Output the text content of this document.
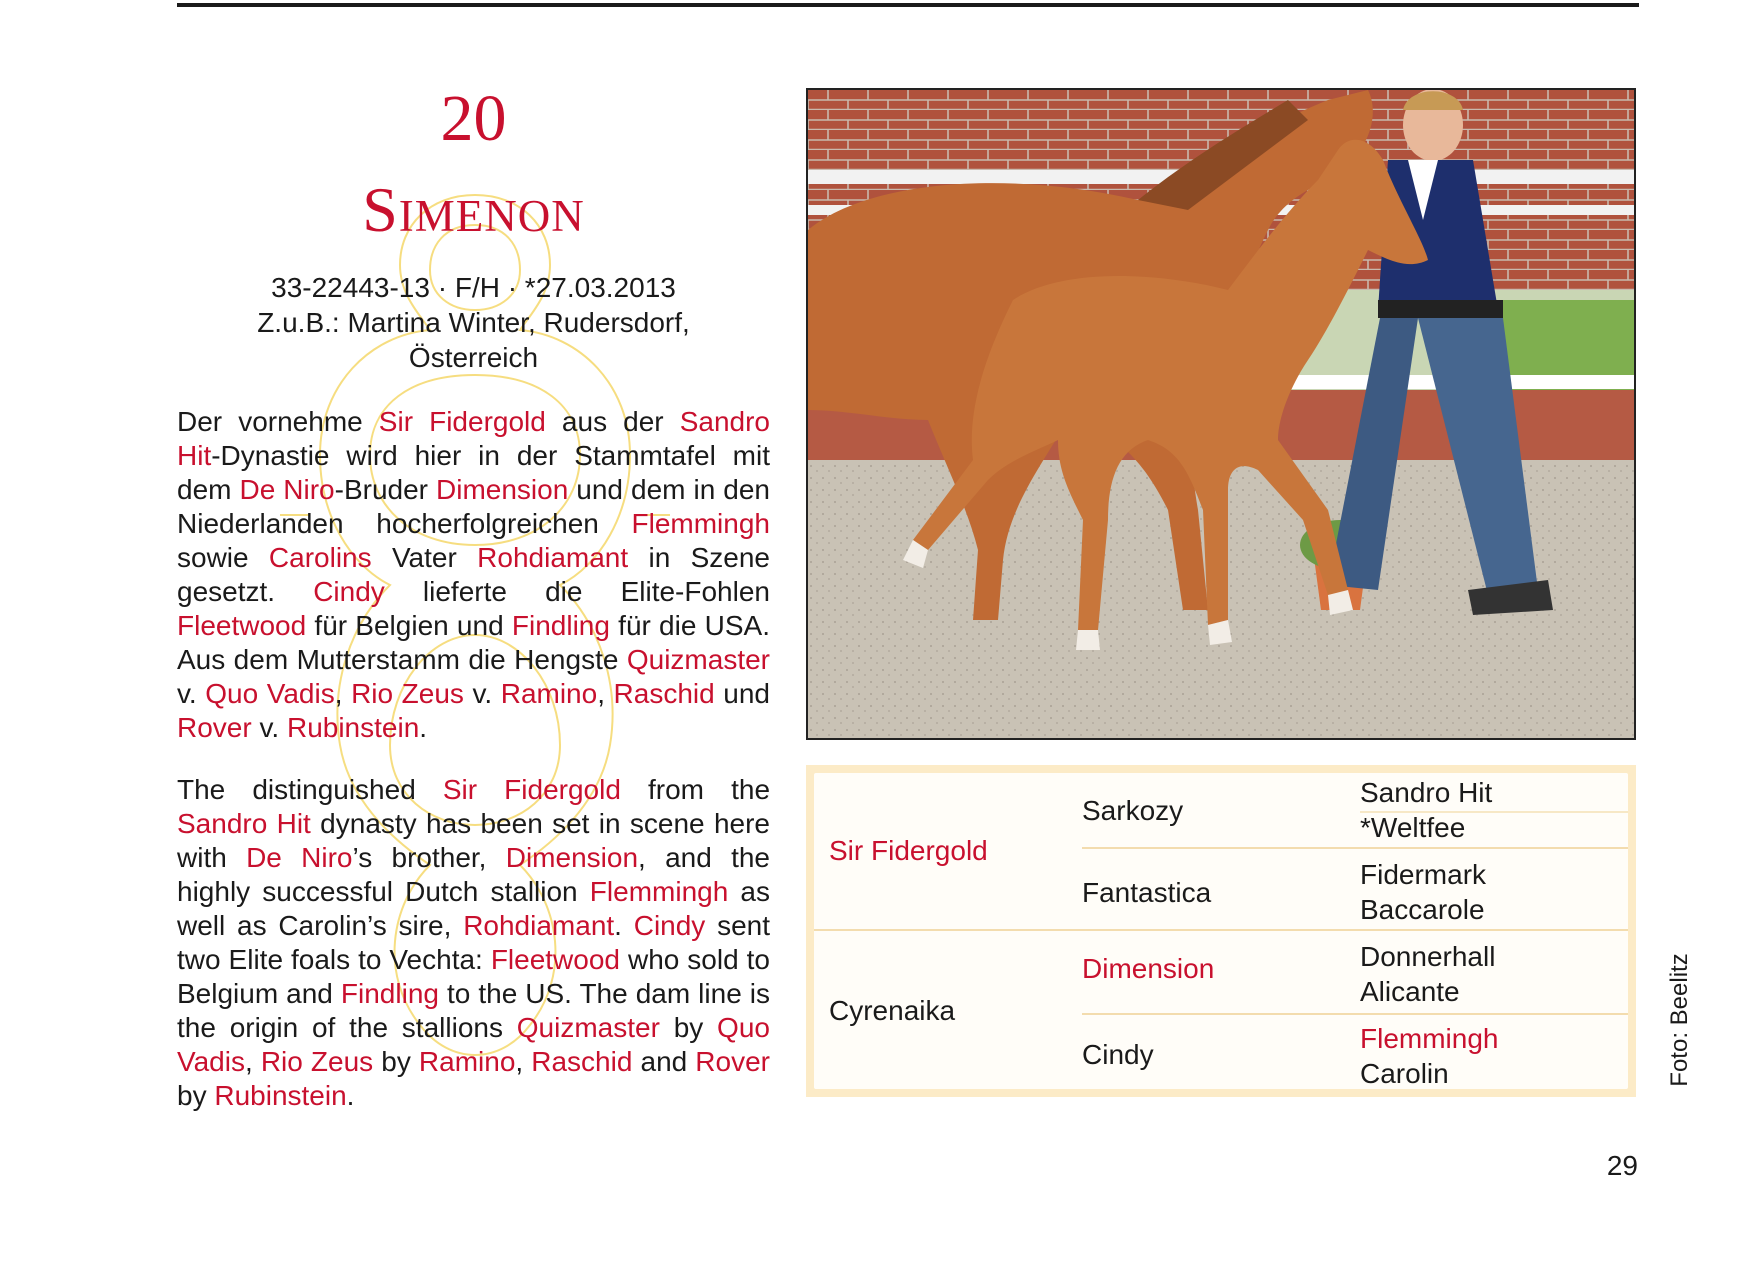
20
Simenon
33-22443-13 · F/H · *27.03.2013
Z.u.B.: Martina Winter, Rudersdorf,
Österreich

Der vornehme Sir Fidergold aus der Sandro Hit-Dynastie wird hier in der Stammtafel mit dem De Niro-Bruder Dimension und dem in den Niederlanden hocherfolgreichen Flemmingh sowie Carolins Vater Rohdiamant in Szene gesetzt. Cindy lieferte die Elite-Fohlen Fleetwood für Belgien und Findling für die USA. Aus dem Mutterstamm die Hengste Quizmaster v. Quo Vadis, Rio Zeus v. Ramino, Raschid und Rover v. Rubinstein.

The distinguished Sir Fidergold from the Sandro Hit dynasty has been set in scene here with De Niro’s brother, Dimension, and the highly successful Dutch stallion Flemmingh as well as Carolin’s sire, Rohdiamant. Cindy sent two Elite foals to Vechta: Fleetwood who sold to Belgium and Findling to the US. The dam line is the origin of the stallions Quizmaster by Quo Vadis, Rio Zeus by Ramino, Raschid and Rover by Rubinstein.

Sir Fidergold
Cyrenaika
Sarkozy
Fantastica
Dimension
Cindy
Sandro Hit
*Weltfee
Fidermark
Baccarole
Donnerhall
Alicante
Flemmingh
Carolin	Foto: Beelitz
29
